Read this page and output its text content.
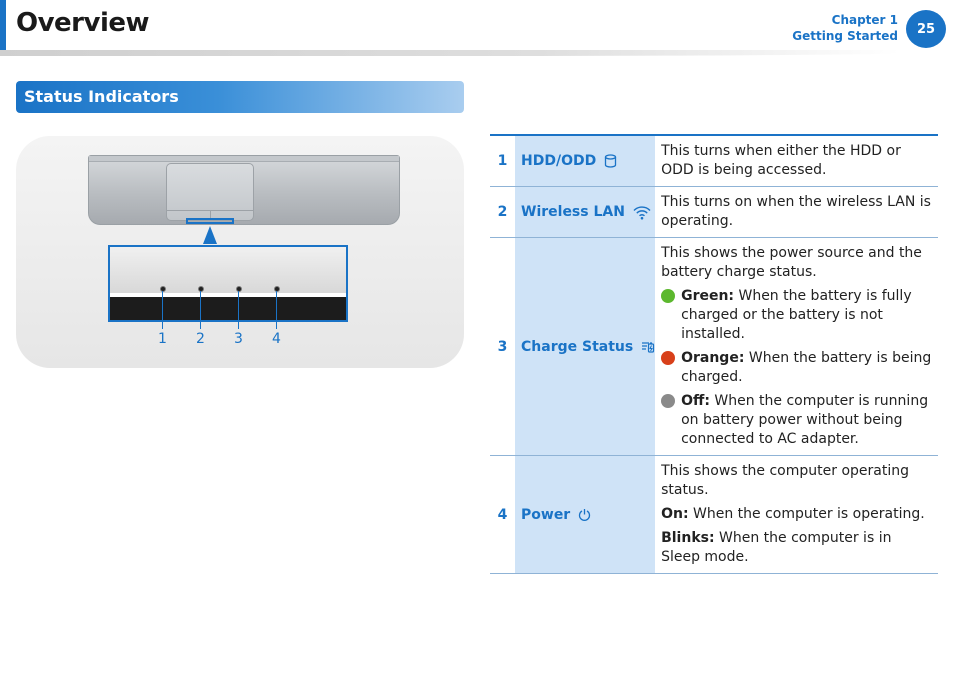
Overview	Chapter 1
Getting Started	25
Status Indicators
1 2 3 4
1	HDD/ODD	This turns when either the HDD or ODD is being accessed.
2	Wireless LAN	This turns on when the wireless LAN is operating.
3	Charge Status	This shows the power source and the battery charge status.
Green: When the battery is fully charged or the battery is not installed.
Orange: When the battery is being charged.
Off: When the computer is running on battery power without being connected to AC adapter.

4	Power	This shows the computer operating status.
On: When the computer is operating.
Blinks: When the computer is in Sleep mode.
